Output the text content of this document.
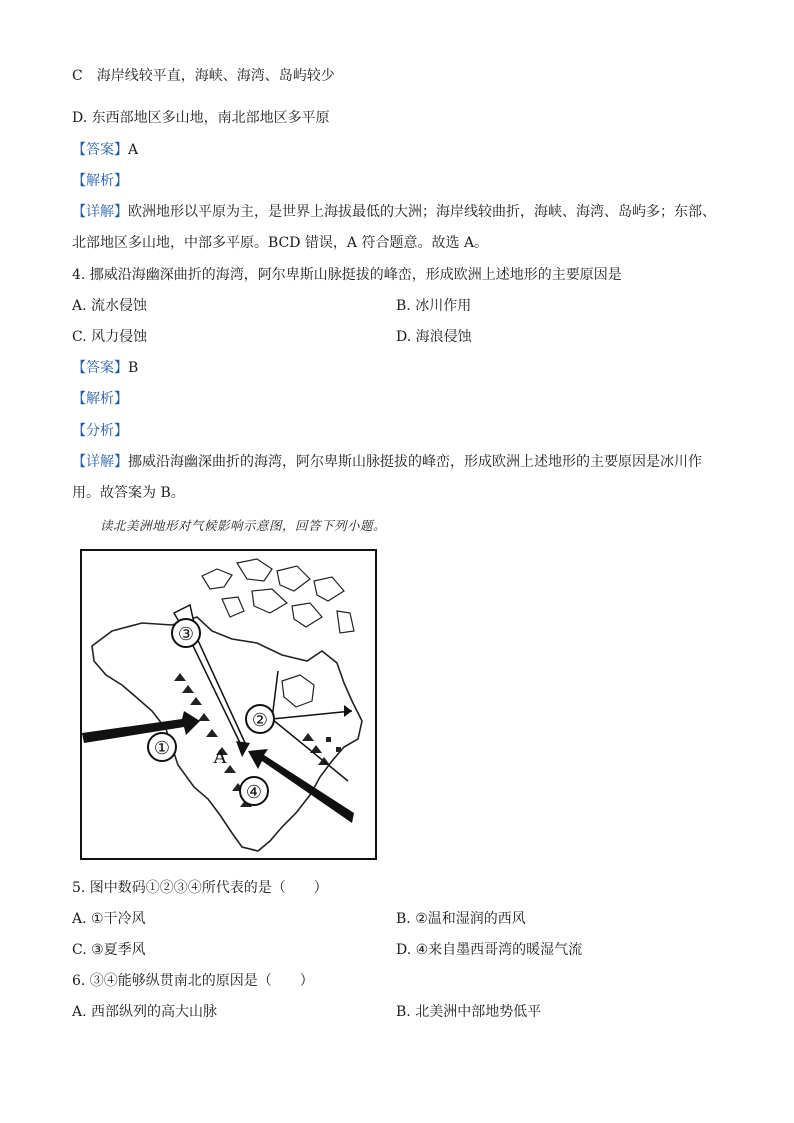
C　海岸线较平直，海峡、海湾、岛屿较少
D. 东西部地区多山地，南北部地区多平原
【答案】A
【解析】
【详解】欧洲地形以平原为主，是世界上海拔最低的大洲；海岸线较曲折，海峡、海湾、岛屿多；东部、
北部地区多山地，中部多平原。BCD 错误，A 符合题意。故选 A。
4. 挪威沿海幽深曲折的海湾，阿尔卑斯山脉挺拔的峰峦，形成欧洲上述地形的主要原因是
A. 流水侵蚀	B. 冰川作用
C. 风力侵蚀	D. 海浪侵蚀
【答案】B
【解析】
【分析】
【详解】挪威沿海幽深曲折的海湾，阿尔卑斯山脉挺拔的峰峦，形成欧洲上述地形的主要原因是冰川作
用。故答案为 B。
读北美洲地形对气候影响示意图，回答下列小题。
①
②
③
④
A
5. 图中数码①②③④所代表的是（　　）
A. ①干冷风	B. ②温和湿润的西风
C. ③夏季风	D. ④来自墨西哥湾的暖湿气流
6. ③④能够纵贯南北的原因是（　　）
A. 西部纵列的高大山脉	B. 北美洲中部地势低平
